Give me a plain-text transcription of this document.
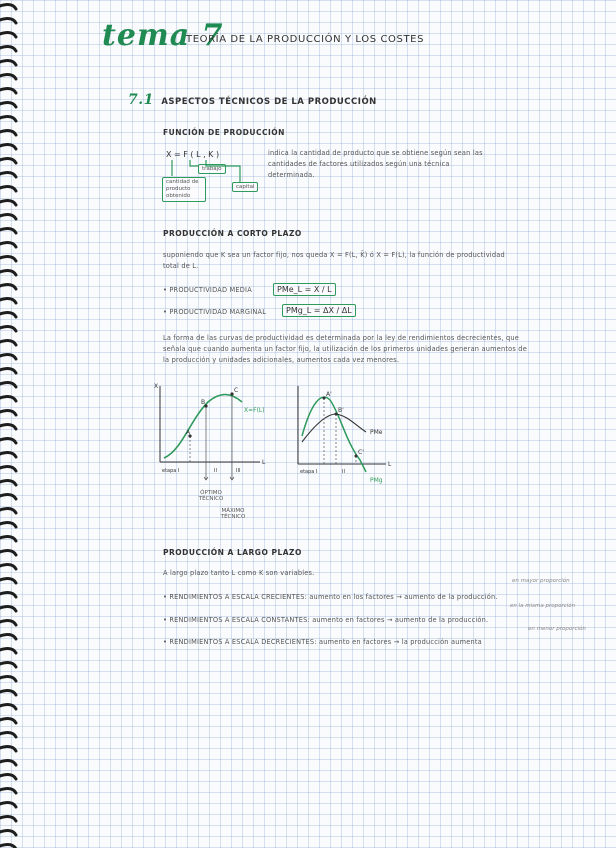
tema 7
TEORÍA DE LA PRODUCCIÓN Y LOS COSTES
7.1 ASPECTOS TÉCNICOS DE LA PRODUCCIÓN
FUNCIÓN DE PRODUCCIÓN
X = F ( L , K )
trabajo
cantidad de producto obtenido
capital
indica la cantidad de producto que se obtiene según sean las cantidades de factores utilizados según una técnica determinada.
PRODUCCIÓN A CORTO PLAZO
suponiendo que K sea un factor fijo, nos queda X = F(L, K̄) ó X = F(L), la función de productividad total de L.
• PRODUCTIVIDAD MEDIA	PMe_L = X / L
• PRODUCTIVIDAD MARGINAL	PMg_L = ΔX / ΔL
La forma de las curvas de productividad es determinada por la ley de rendimientos decrecientes, que señala que cuando aumenta un factor fijo, la utilización de los primeros unidades generan aumentos de la producción y unidades adicionales, aumentos cada vez menores.
X
A
B
C
X=F(L)
etapa I	II	III
L
ÓPTIMO TÉCNICO
MÁXIMO TÉCNICO
A'
B'
C'
PMe
PMg
etapa I	II
L
PRODUCCIÓN A LARGO PLAZO
A largo plazo tanto L como K son variables.
• RENDIMIENTOS A ESCALA CRECIENTES: aumento en los factores → aumento de la producción.
• RENDIMIENTOS A ESCALA CONSTANTES: aumento en factores → aumento de la producción.
• RENDIMIENTOS A ESCALA DECRECIENTES: aumento en factores → la producción aumenta
en mayor proporción
en la misma proporción
en menor proporción
